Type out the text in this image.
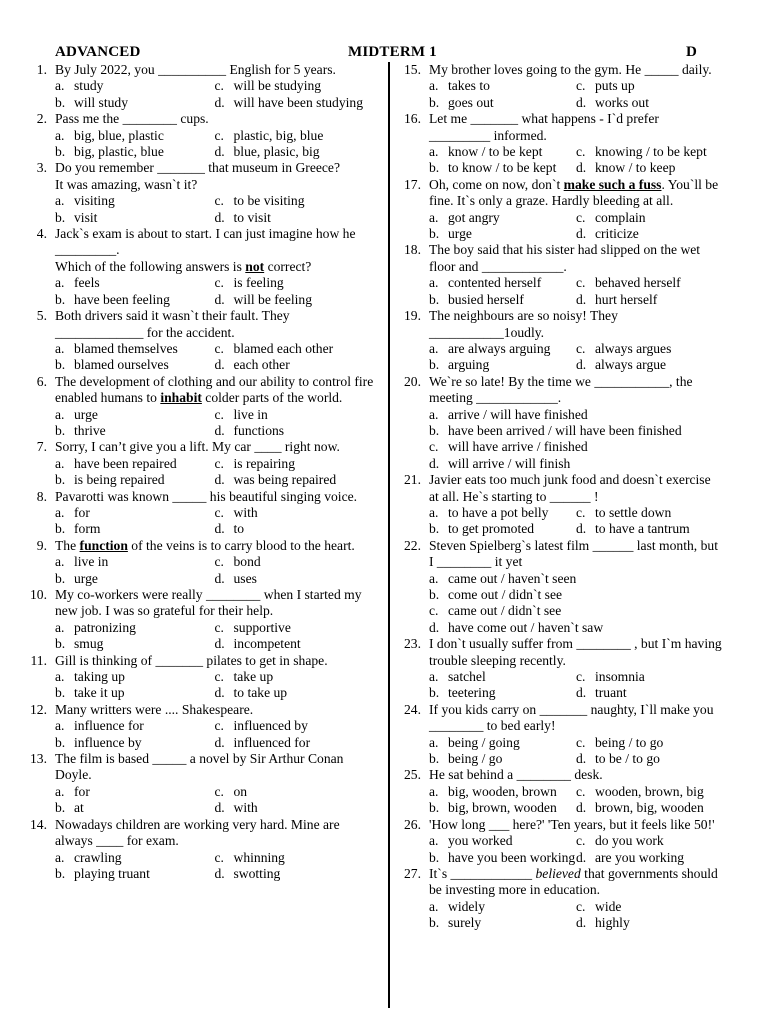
ADVANCED	MIDTERM 1	D
1. By July 2022, you __________ English for 5 years.
a. study	c. will be studying
b. will study	d. will have been studying
2. Pass me the ________ cups.
a. big, blue, plastic	c. plastic, big, blue
b. big, plastic, blue	d. blue, plasic, big
3. Do you remember _______ that museum in Greece?
It was amazing, wasn`t it?
a. visiting	c. to be visiting
b. visit	d. to visit
4. Jack`s exam is about to start. I can just imagine how he _________.
Which of the following answers is not correct?
a. feels	c. is feeling
b. have been feeling	d. will be feeling
5. Both drivers said it wasn`t their fault. They _____________ for the accident.
a. blamed themselves	c. blamed each other
b. blamed ourselves	d. each other
6. The development of clothing and our ability to control fire enabled humans to inhabit colder parts of the world.
a. urge	c. live in
b. thrive	d. functions
7. Sorry, I can’t give you a lift. My car ____ right now.
a. have been repaired	c. is repairing
b. is being repaired	d. was being repaired
8. Pavarotti was known _____ his beautiful singing voice.
a. for	c. with
b. form	d. to
9. The function of the veins is to carry blood to the heart.
a. live in	c. bond
b. urge	d. uses
10. My co-workers were really ________ when I started my new job. I was so grateful for their help.
a. patronizing	c. supportive
b. smug	d. incompetent
11. Gill is thinking of _______ pilates to get in shape.
a. taking up	c. take up
b. take it up	d. to take up
12. Many writters were .... Shakespeare.
a. influence for	c. influenced by
b. influence by	d. influenced for
13. The film is based _____ a novel by Sir Arthur Conan Doyle.
a. for	c. on
b. at	d. with
14. Nowadays children are working very hard. Mine are always ____ for exam.
a. crawling	c. whinning
b. playing truant	d. swotting
15. My brother loves going to the gym. He _____ daily.
a. takes to	c. puts up
b. goes out	d. works out
16. Let me _______ what happens - I`d prefer _________ informed.
a. know / to be kept	c. knowing / to be kept
b. to know / to be kept	d. know / to keep
17. Oh, come on now, don`t make such a fuss. You`ll be fine. It`s only a graze. Hardly bleeding at all.
a. got angry	c. complain
b. urge	d. criticize
18. The boy said that his sister had slipped on the wet floor and ____________.
a. contented herself	c. behaved herself
b. busied herself	d. hurt herself
19. The neighbours are so noisy! They ___________1oudly.
a. are always arguing	c. always argues
b. arguing	d. always argue
20. We`re so late! By the time we ___________, the meeting ____________.
a. arrive / will have finished
b. have been arrived / will have been finished
c. will have arrive / finished
d. will arrive / will finish
21. Javier eats too much junk food and doesn`t exercise at all. He`s starting to ______ !
a. to have a pot belly	c. to settle down
b. to get promoted	d. to have a tantrum
22. Steven Spielberg`s latest film ______ last month, but I ________ it yet
a. came out / haven`t seen
b. come out / didn`t see
c. came out / didn`t see
d. have come out / haven`t saw
23. I don`t usually suffer from ________ , but I`m having trouble sleeping recently.
a. satchel	c. insomnia
b. teetering	d. truant
24. If you kids carry on _______ naughty, I`ll make you ________ to bed early!
a. being / going	c. being / to go
b. being / go	d. to be / to go
25. He sat behind a ________ desk.
a. big, wooden, brown	c. wooden, brown, big
b. big, brown, wooden	d. brown, big, wooden
26. 'How long ___ here?' 'Ten years, but it feels like 50!'
a. you worked	c. do you work
b. have you been working d. are you working
27. It`s ____________ believed that governments should be investing more in education.
a. widely	c. wide
b. surely	d. highly
